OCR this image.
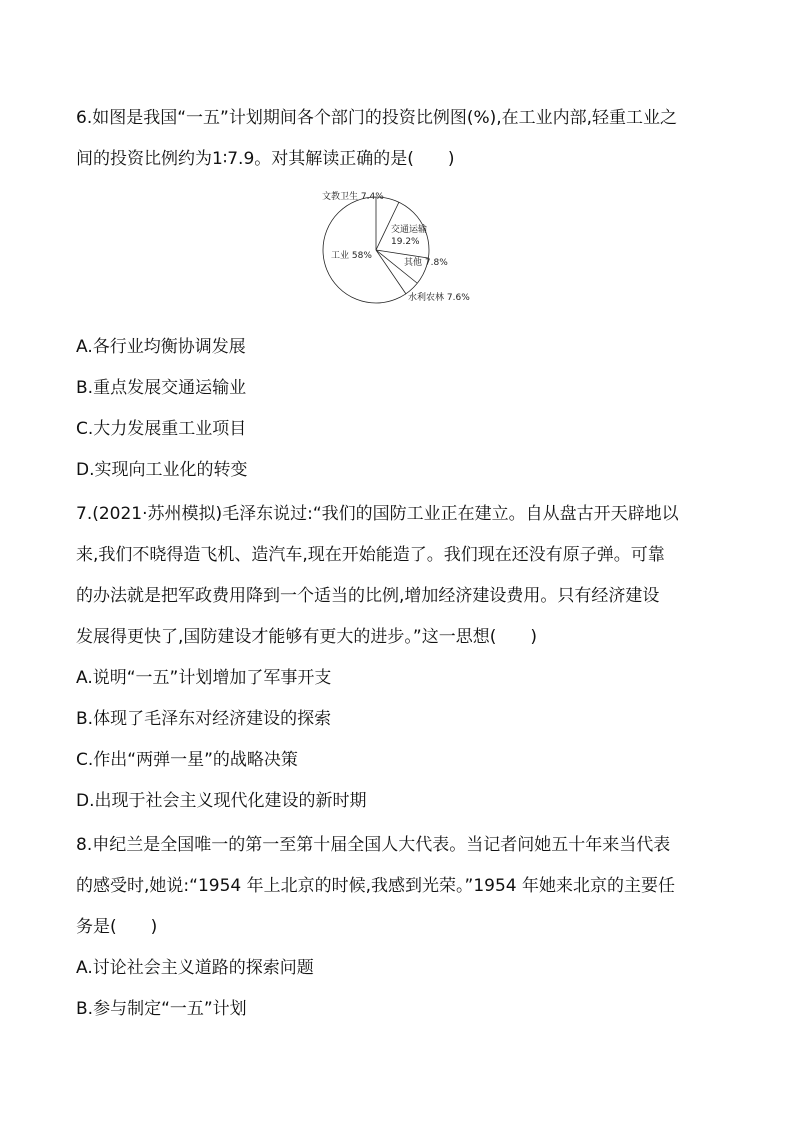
6.如图是我国“一五”计划期间各个部门的投资比例图(%),在工业内部,轻重工业之
间的投资比例约为1∶7.9。对其解读正确的是(　　)
文教卫生 7.4%
交通运输
19.2%
工业 58%
其他 7.8%
水利农林 7.6%
A.各行业均衡协调发展
B.重点发展交通运输业
C.大力发展重工业项目
D.实现向工业化的转变
7.(2021·苏州模拟)毛泽东说过:“我们的国防工业正在建立。自从盘古开天辟地以
来,我们不晓得造飞机、造汽车,现在开始能造了。我们现在还没有原子弹。可靠
的办法就是把军政费用降到一个适当的比例,增加经济建设费用。只有经济建设
发展得更快了,国防建设才能够有更大的进步。”这一思想(　　)
A.说明“一五”计划增加了军事开支
B.体现了毛泽东对经济建设的探索
C.作出“两弹一星”的战略决策
D.出现于社会主义现代化建设的新时期
8.申纪兰是全国唯一的第一至第十届全国人大代表。当记者问她五十年来当代表
的感受时,她说:“1954 年上北京的时候,我感到光荣。”1954 年她来北京的主要任
务是(　　)
A.讨论社会主义道路的探索问题
B.参与制定“一五”计划
